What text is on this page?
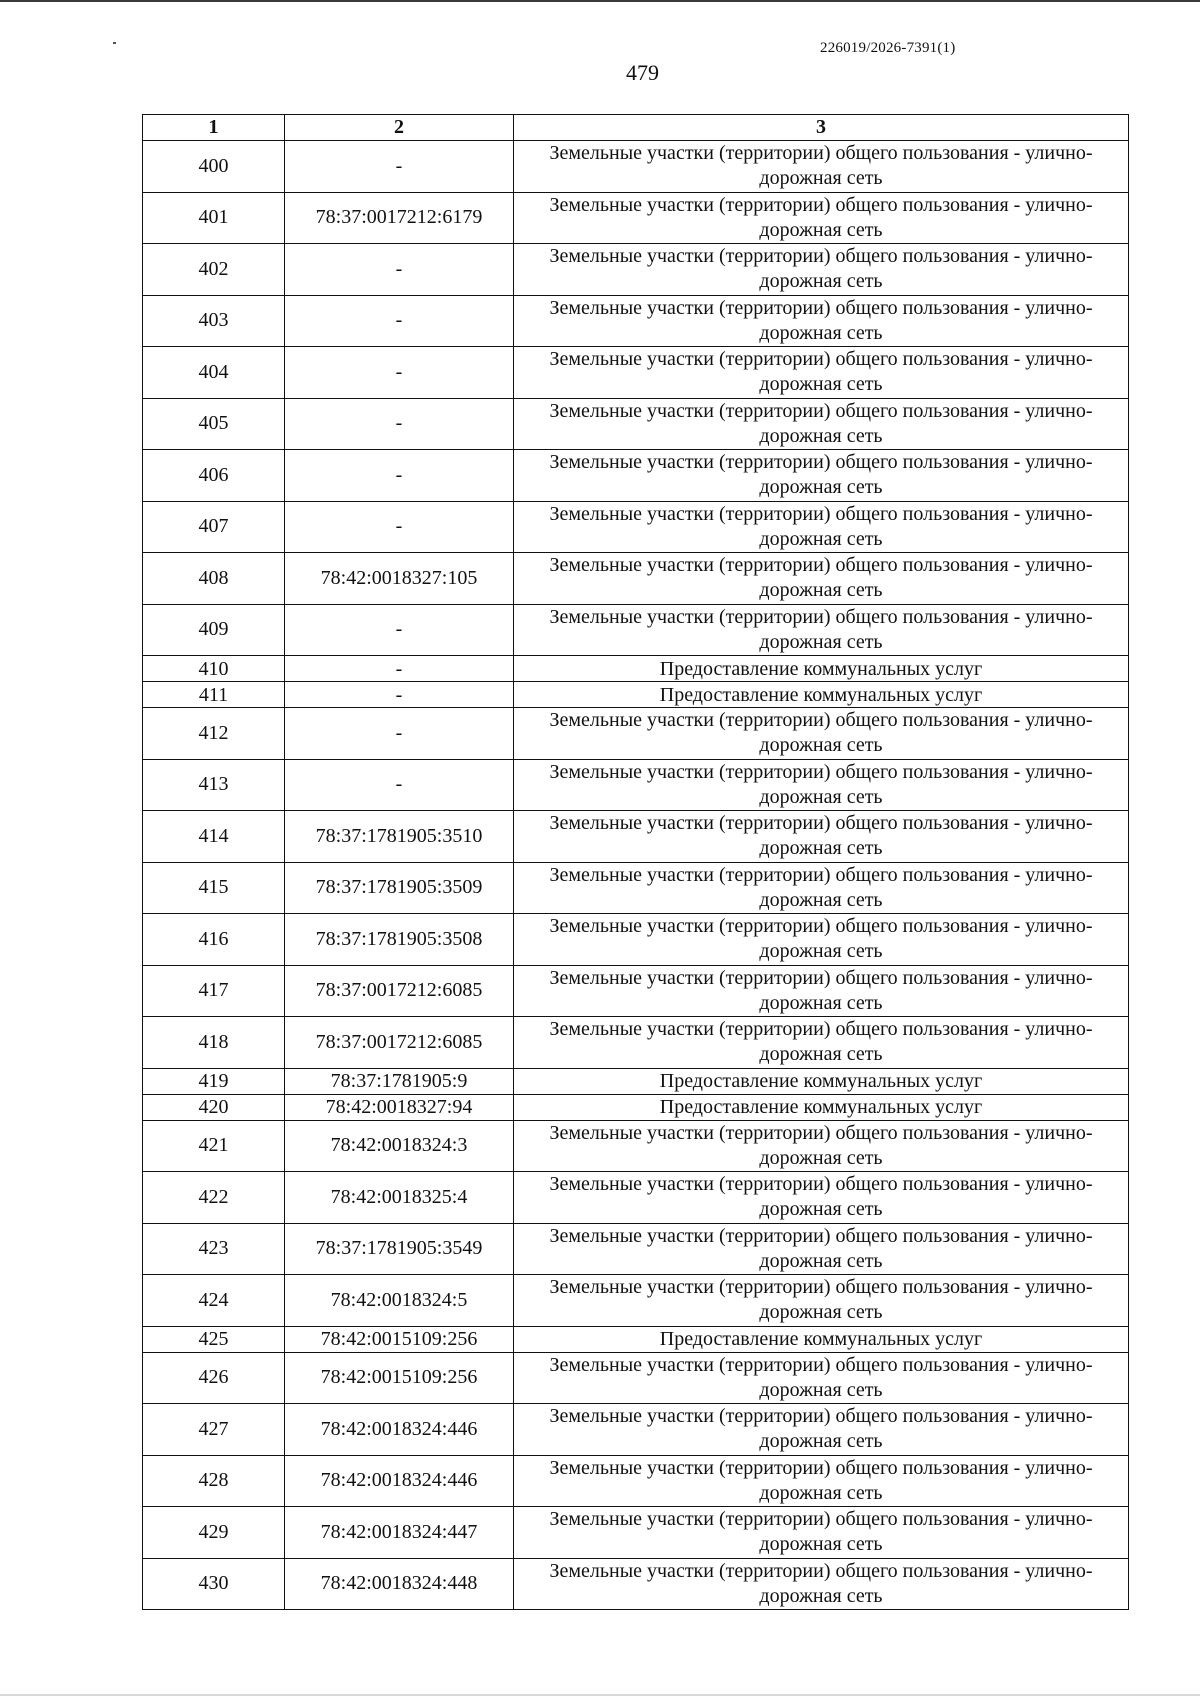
226019/2026-7391(1)
479
1	2	3
400	-	Земельные участки (территории) общего пользования - улично-дорожная сеть
401	78:37:0017212:6179	Земельные участки (территории) общего пользования - улично-дорожная сеть
402	-	Земельные участки (территории) общего пользования - улично-дорожная сеть
403	-	Земельные участки (территории) общего пользования - улично-дорожная сеть
404	-	Земельные участки (территории) общего пользования - улично-дорожная сеть
405	-	Земельные участки (территории) общего пользования - улично-дорожная сеть
406	-	Земельные участки (территории) общего пользования - улично-дорожная сеть
407	-	Земельные участки (территории) общего пользования - улично-дорожная сеть
408	78:42:0018327:105	Земельные участки (территории) общего пользования - улично-дорожная сеть
409	-	Земельные участки (территории) общего пользования - улично-дорожная сеть
410	-	Предоставление коммунальных услуг
411	-	Предоставление коммунальных услуг
412	-	Земельные участки (территории) общего пользования - улично-дорожная сеть
413	-	Земельные участки (территории) общего пользования - улично-дорожная сеть
414	78:37:1781905:3510	Земельные участки (территории) общего пользования - улично-дорожная сеть
415	78:37:1781905:3509	Земельные участки (территории) общего пользования - улично-дорожная сеть
416	78:37:1781905:3508	Земельные участки (территории) общего пользования - улично-дорожная сеть
417	78:37:0017212:6085	Земельные участки (территории) общего пользования - улично-дорожная сеть
418	78:37:0017212:6085	Земельные участки (территории) общего пользования - улично-дорожная сеть
419	78:37:1781905:9	Предоставление коммунальных услуг
420	78:42:0018327:94	Предоставление коммунальных услуг
421	78:42:0018324:3	Земельные участки (территории) общего пользования - улично-дорожная сеть
422	78:42:0018325:4	Земельные участки (территории) общего пользования - улично-дорожная сеть
423	78:37:1781905:3549	Земельные участки (территории) общего пользования - улично-дорожная сеть
424	78:42:0018324:5	Земельные участки (территории) общего пользования - улично-дорожная сеть
425	78:42:0015109:256	Предоставление коммунальных услуг
426	78:42:0015109:256	Земельные участки (территории) общего пользования - улично-дорожная сеть
427	78:42:0018324:446	Земельные участки (территории) общего пользования - улично-дорожная сеть
428	78:42:0018324:446	Земельные участки (территории) общего пользования - улично-дорожная сеть
429	78:42:0018324:447	Земельные участки (территории) общего пользования - улично-дорожная сеть
430	78:42:0018324:448	Земельные участки (территории) общего пользования - улично-дорожная сеть
